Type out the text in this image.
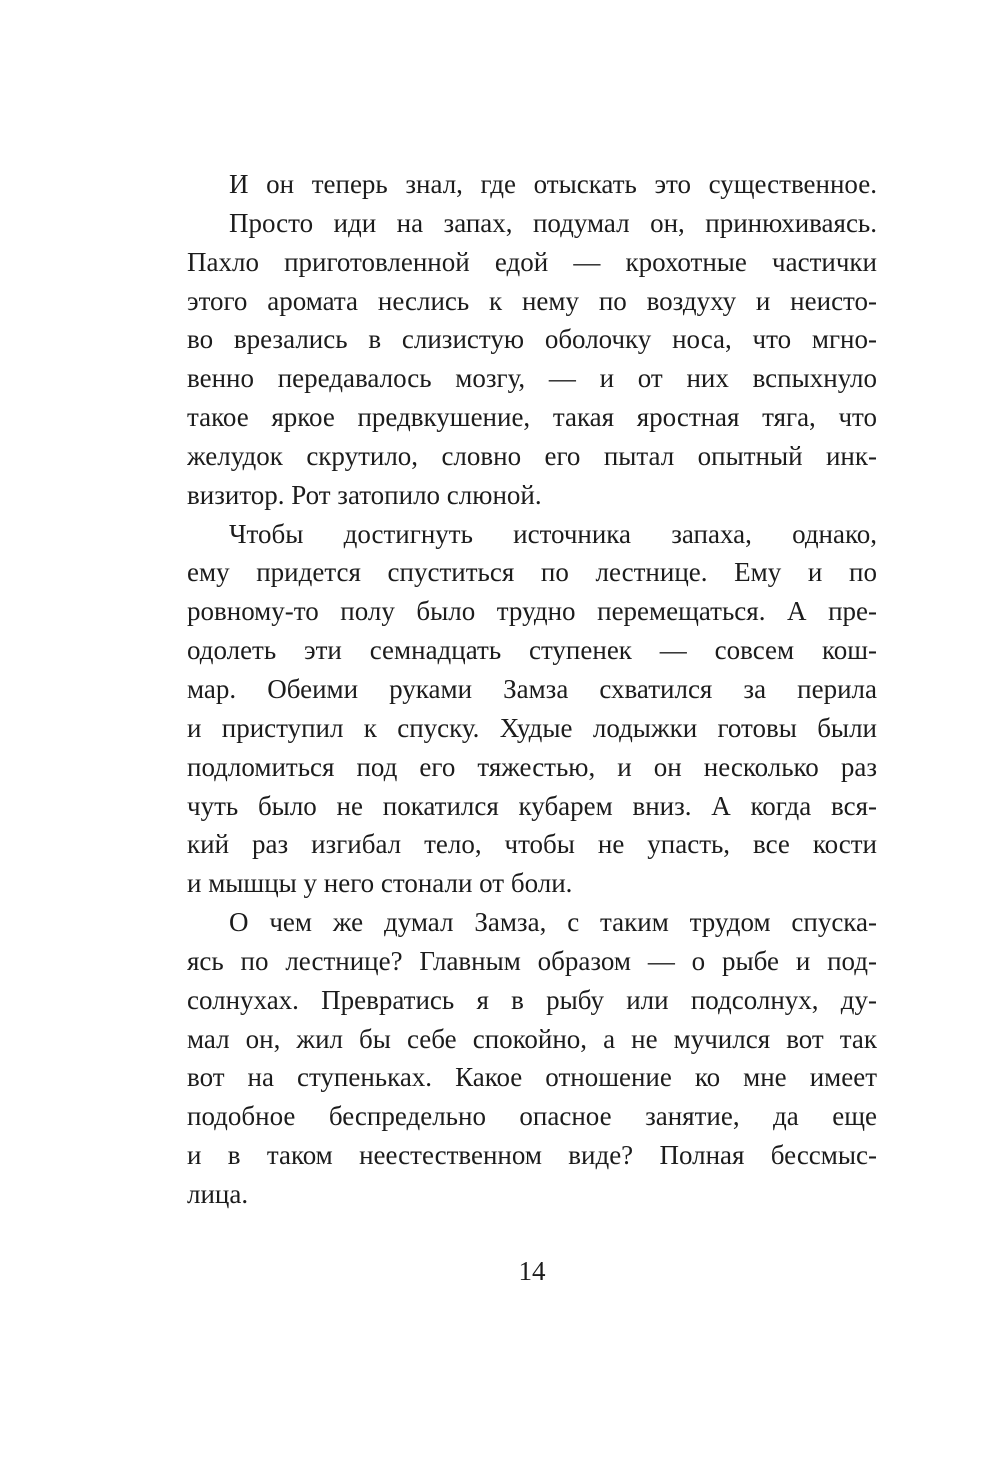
И он теперь знал, где отыскать это существенное.
Просто иди на запах, подумал он, принюхиваясь.
Пахло приготовленной едой — крохотные частички
этого аромата неслись к нему по воздуху и неисто-
во врезались в слизистую оболочку носа, что мгно-
венно передавалось мозгу, — и от них вспыхнуло
такое яркое предвкушение, такая яростная тяга, что
желудок скрутило, словно его пытал опытный инк-
визитор. Рот затопило слюной.
Чтобы достигнуть источника запаха, однако,
ему придется спуститься по лестнице. Ему и по
ровному-то полу было трудно перемещаться. А пре-
одолеть эти семнадцать ступенек — совсем кош-
мар. Обеими руками Замза схватился за перила
и приступил к спуску. Худые лодыжки готовы были
подломиться под его тяжестью, и он несколько раз
чуть было не покатился кубарем вниз. А когда вся-
кий раз изгибал тело, чтобы не упасть, все кости
и мышцы у него стонали от боли.
О чем же думал Замза, с таким трудом спуска-
ясь по лестнице? Главным образом — о рыбе и под-
солнухах. Превратись я в рыбу или подсолнух, ду-
мал он, жил бы себе спокойно, а не мучился вот так
вот на ступеньках. Какое отношение ко мне имеет
подобное беспредельно опасное занятие, да еще
и в таком неестественном виде? Полная бессмыс-
лица.
14
